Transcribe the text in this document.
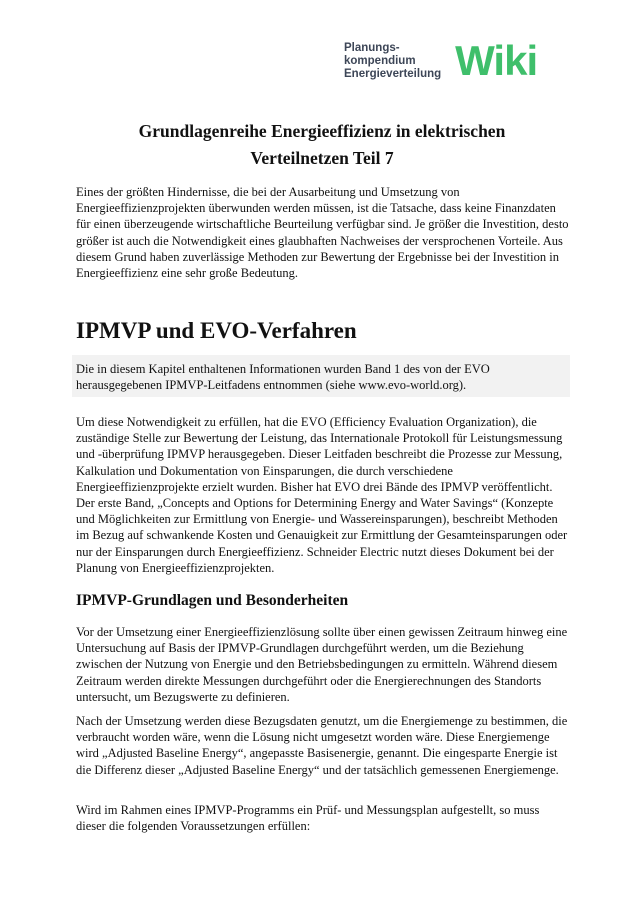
Planungs-
kompendium
Energieverteilung Wiki
Grundlagenreihe Energieeffizienz in elektrischen
Verteilnetzen Teil 7

Eines der größten Hindernisse, die bei der Ausarbeitung und Umsetzung von Energieeffizienzprojekten überwunden werden müssen, ist die Tatsache, dass keine Finanzdaten für einen überzeugende wirtschaftliche Beurteilung verfügbar sind. Je größer die Investition, desto größer ist auch die Notwendigkeit eines glaubhaften Nachweises der versprochenen Vorteile. Aus diesem Grund haben zuverlässige Methoden zur Bewertung der Ergebnisse bei der Investition in Energieeffizienz eine sehr große Bedeutung.

IPMVP und EVO-Verfahren

Die in diesem Kapitel enthaltenen Informationen wurden Band 1 des von der EVO herausgegebenen IPMVP-Leitfadens entnommen (siehe www.evo-world.org).

Um diese Notwendigkeit zu erfüllen, hat die EVO (Efficiency Evaluation Organization), die zuständige Stelle zur Bewertung der Leistung, das Internationale Protokoll für Leistungsmessung und -überprüfung IPMVP herausgegeben. Dieser Leitfaden beschreibt die Prozesse zur Messung, Kalkulation und Dokumentation von Einsparungen, die durch verschiedene Energieeffizienzprojekte erzielt wurden. Bisher hat EVO drei Bände des IPMVP veröffentlicht. Der erste Band, „Concepts and Options for Determining Energy and Water Savings“ (Konzepte und Möglichkeiten zur Ermittlung von Energie- und Wassereinsparungen), beschreibt Methoden im Bezug auf schwankende Kosten und Genauigkeit zur Ermittlung der Gesamteinsparungen oder nur der Einsparungen durch Energieeffizienz. Schneider Electric nutzt dieses Dokument bei der Planung von Energieeffizienzprojekten.

IPMVP-Grundlagen und Besonderheiten

Vor der Umsetzung einer Energieeffizienzlösung sollte über einen gewissen Zeitraum hinweg eine Untersuchung auf Basis der IPMVP-Grundlagen durchgeführt werden, um die Beziehung zwischen der Nutzung von Energie und den Betriebsbedingungen zu ermitteln. Während diesem Zeitraum werden direkte Messungen durchgeführt oder die Energierechnungen des Standorts untersucht, um Bezugswerte zu definieren.

Nach der Umsetzung werden diese Bezugsdaten genutzt, um die Energiemenge zu bestimmen, die verbraucht worden wäre, wenn die Lösung nicht umgesetzt worden wäre. Diese Energiemenge wird „Adjusted Baseline Energy“, angepasste Basisenergie, genannt. Die eingesparte Energie ist die Differenz dieser „Adjusted Baseline Energy“ und der tatsächlich gemessenen Energiemenge.

Wird im Rahmen eines IPMVP-Programms ein Prüf- und Messungsplan aufgestellt, so muss dieser die folgenden Voraussetzungen erfüllen:
